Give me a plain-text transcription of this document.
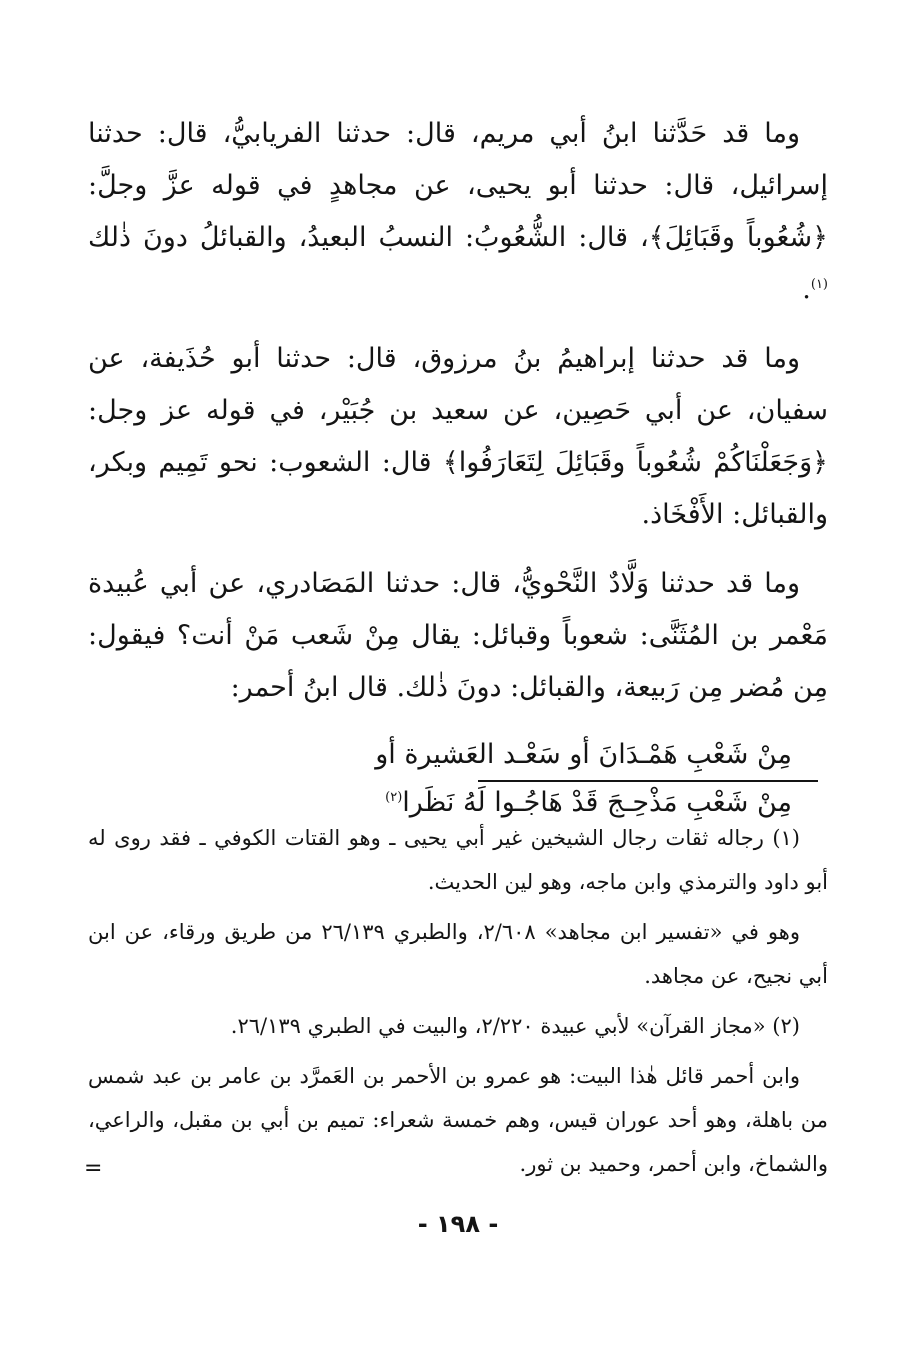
وما قد حَدَّثنا ابنُ أبي مريم، قال: حدثنا الفريابيُّ، قال: حدثنا إسرائيل، قال: حدثنا أبو يحيى، عن مجاهدٍ في قوله عزَّ وجلَّ: ﴿شُعُوباً وقَبَائِلَ﴾، قال: الشُّعُوبُ: النسبُ البعيدُ، والقبائلُ دونَ ذٰلك $^{(١)}$.

وما قد حدثنا إبراهيمُ بنُ مرزوق، قال: حدثنا أبو حُذَيفة، عن سفيان، عن أبي حَصِين، عن سعيد بن جُبَيْر، في قوله عز وجل: ﴿وَجَعَلْنَاكُمْ شُعُوباً وقَبَائِلَ لِتَعَارَفُوا﴾ قال: الشعوب: نحو تَمِيم وبكر، والقبائل: الأَفْخَاذ.

وما قد حدثنا وَلَّادٌ النَّحْويُّ، قال: حدثنا المَصَادري، عن أبي عُبيدة مَعْمر بن المُثَنَّى: شعوباً وقبائل: يقال مِنْ شَعب مَنْ أنت؟ فيقول: مِن مُضر مِن رَبيعة، والقبائل: دونَ ذٰلك. قال ابنُ أحمر:

مِنْ شَعْبِ هَمْـدَانَ أو سَعْـد العَشيرة أو

مِنْ شَعْبِ مَذْحِـجَ قَدْ هَاجُـوا لَهُ نَظَرا$^{(٢)}$

(١) رجاله ثقات رجال الشيخين غير أبي يحيى ـ وهو القتات الكوفي ـ فقد روى له أبو داود والترمذي وابن ماجه، وهو لين الحديث.

وهو في «تفسير ابن مجاهد» ٢/٦٠٨، والطبري ٢٦/١٣٩ من طريق ورقاء، عن ابن أبي نجيح، عن مجاهد.

(٢) «مجاز القرآن» لأبي عبيدة ٢/٢٢٠، والبيت في الطبري ٢٦/١٣٩.

وابن أحمر قائل هٰذا البيت: هو عمرو بن الأحمر بن العَمرَّد بن عامر بن عبد شمس من باهلة، وهو أحد عوران قيس، وهم خمسة شعراء: تميم بن أبي بن مقبل، والراعي، والشماخ، وابن أحمر، وحميد بن ثور.

=
- ١٩٨ -
